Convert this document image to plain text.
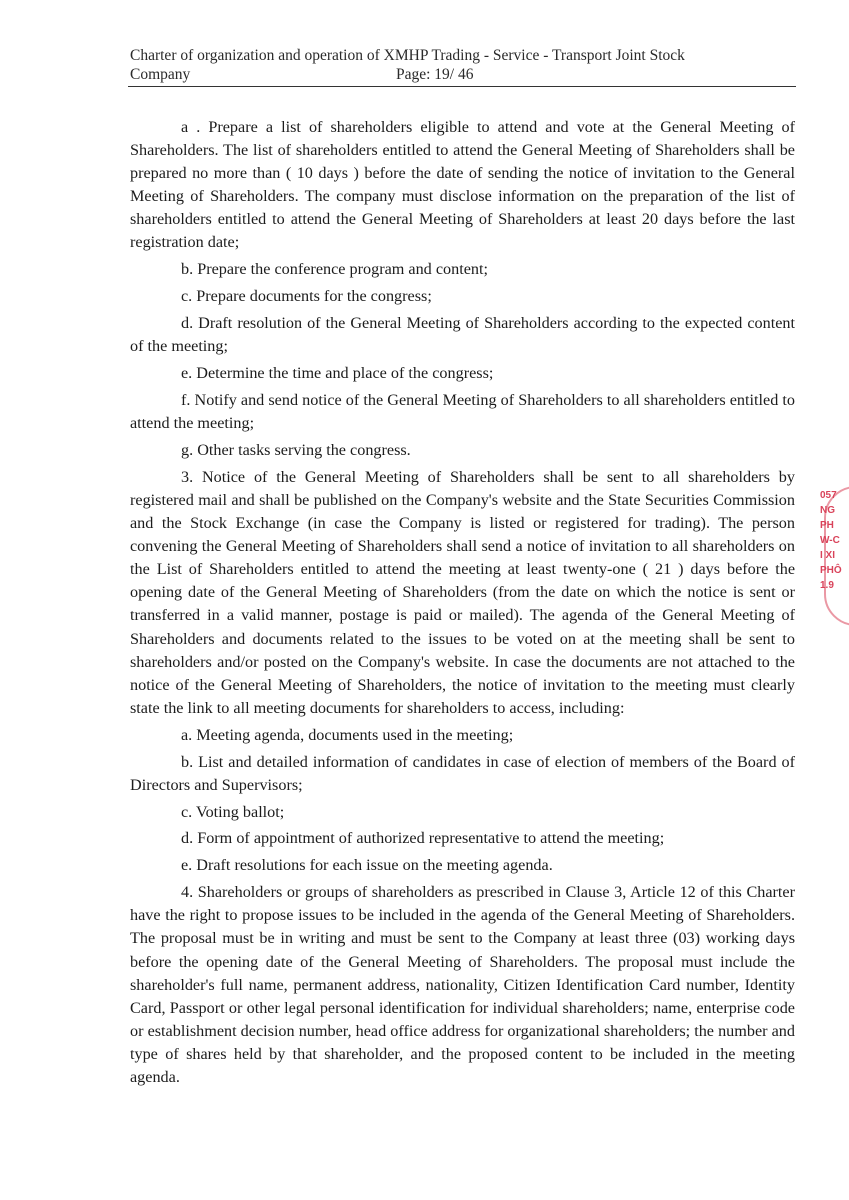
Charter of organization and operation of XMHP Trading - Service - Transport Joint Stock
Company	Page: 19/ 46

a . Prepare a list of shareholders eligible to attend and vote at the General Meeting of Shareholders. The list of shareholders entitled to attend the General Meeting of Shareholders shall be prepared no more than ( 10 days ) before the date of sending the notice of invitation to the General Meeting of Shareholders. The company must disclose information on the preparation of the list of shareholders entitled to attend the General Meeting of Shareholders at least 20 days before the last registration date;

b. Prepare the conference program and content;

c. Prepare documents for the congress;

d. Draft resolution of the General Meeting of Shareholders according to the expected content of the meeting;

e. Determine the time and place of the congress;

f. Notify and send notice of the General Meeting of Shareholders to all shareholders entitled to attend the meeting;

g. Other tasks serving the congress.

3. Notice of the General Meeting of Shareholders shall be sent to all shareholders by registered mail and shall be published on the Company's website and the State Securities Commission and the Stock Exchange (in case the Company is listed or registered for trading). The person convening the General Meeting of Shareholders shall send a notice of invitation to all shareholders on the List of Shareholders entitled to attend the meeting at least twenty-one ( 21 ) days before the opening date of the General Meeting of Shareholders (from the date on which the notice is sent or transferred in a valid manner, postage is paid or mailed). The agenda of the General Meeting of Shareholders and documents related to the issues to be voted on at the meeting shall be sent to shareholders and/or posted on the Company's website. In case the documents are not attached to the notice of the General Meeting of Shareholders, the notice of invitation to the meeting must clearly state the link to all meeting documents for shareholders to access, including:

a. Meeting agenda, documents used in the meeting;

b. List and detailed information of candidates in case of election of members of the Board of Directors and Supervisors;

c. Voting ballot;

d. Form of appointment of authorized representative to attend the meeting;

e. Draft resolutions for each issue on the meeting agenda.

4. Shareholders or groups of shareholders as prescribed in Clause 3, Article 12 of this Charter have the right to propose issues to be included in the agenda of the General Meeting of Shareholders. The proposal must be in writing and must be sent to the Company at least three (03) working days before the opening date of the General Meeting of Shareholders. The proposal must include the shareholder's full name, permanent address, nationality, Citizen Identification Card number, Identity Card, Passport or other legal personal identification for individual shareholders; name, enterprise code or establishment decision number, head office address for organizational shareholders; the number and type of shares held by that shareholder, and the proposed content to be included in the meeting agenda.

057
NG
PH
W-C
I XI
PHÔ
1.9
